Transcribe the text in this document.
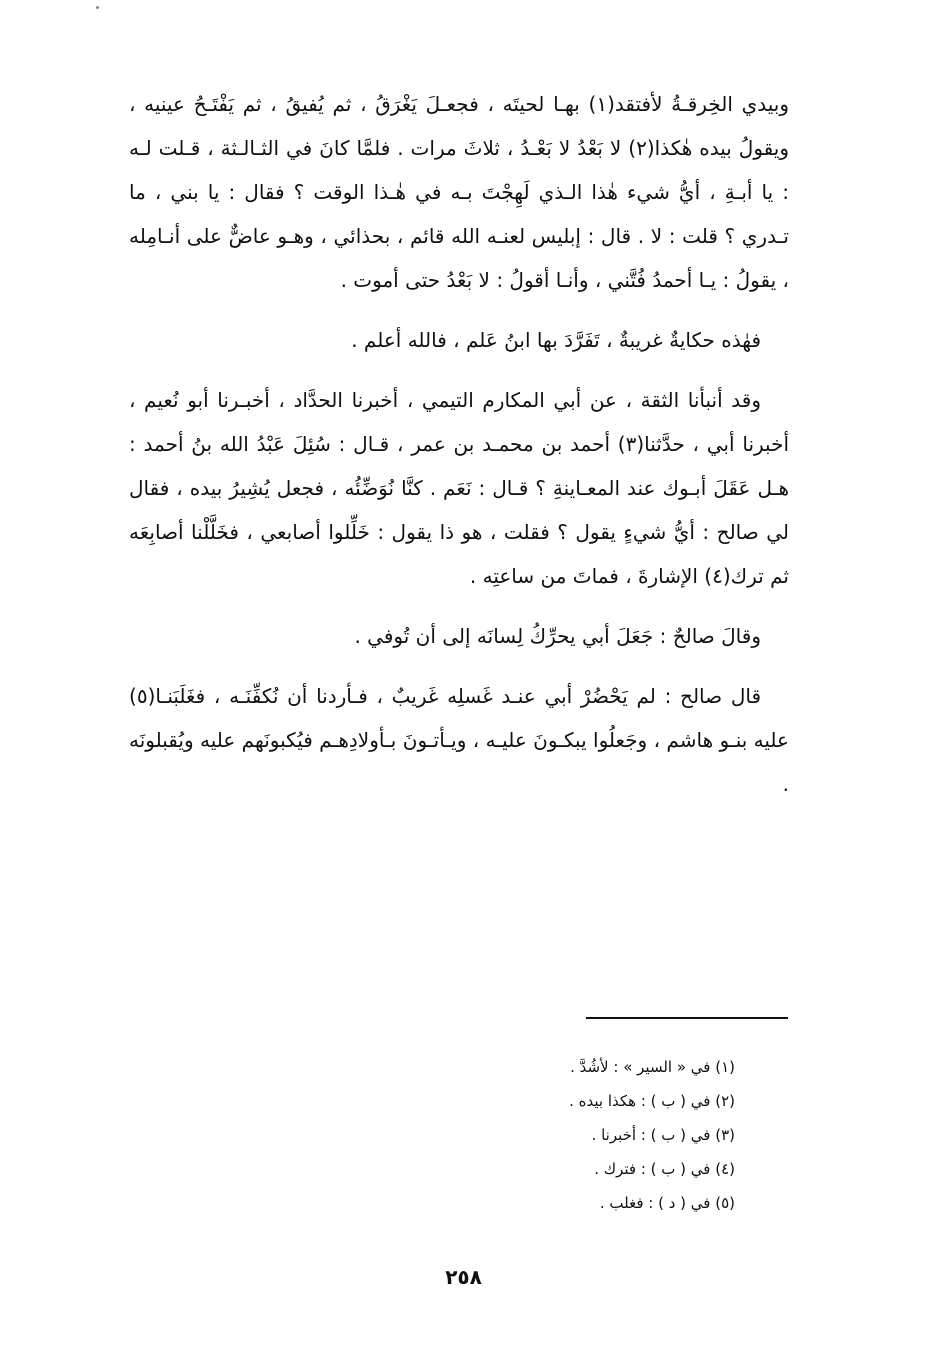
وبيدي الخِرقـةُ لأفتقد(١) بهـا لحيتَه ، فجعـلَ يَغْرَقُ ، ثم يُفيقُ ، ثم يَفْتَـحُ عينيه ، ويقولُ بيده هٰكذا(٢) لا بَعْدُ لا بَعْـدُ ، ثلاثَ مرات . فلمَّا كانَ في الثـالـثة ، قـلت لـه : يا أبـةِ ، أيُّ شيء هٰذا الـذي لَهِجْتَ بـه في هٰـذا الوقت ؟ فقال : يا بني ، ما تـدري ؟ قلت : لا . قال : إبليس لعنـه الله قائم ، بحذائي ، وهـو عاضٌّ على أنـامِله ، يقولُ : يـا أحمدُ فُتَّني ، وأنـا أقولُ : لا بَعْدُ حتى أموت .

فهٰذه حكايةٌ غريبةٌ ، تَفَرَّدَ بها ابنُ عَلم ، فالله أعلم .

وقد أنبأنا الثقة ، عن أبي المكارم التيمي ، أخبرنا الحدَّاد ، أخبـرنا أبو نُعيم ، أخبرنا أبي ، حدَّثنا(٣) أحمد بن محمـد بن عمر ، قـال : سُئِلَ عَبْدُ الله بنُ أحمد : هـل عَقَلَ أبـوك عند المعـاينةِ ؟ قـال : نَعَم . كنَّا نُوَضِّئُه ، فجعل يُشِيرُ بيده ، فقال لي صالح : أيُّ شيءٍ يقول ؟ فقلت ، هو ذا يقول : خَلِّلوا أصابعي ، فخَلَّلْنا أصابِعَه ثم ترك(٤) الإشارةَ ، فماتَ من ساعتِه .

وقالَ صالحٌ : جَعَلَ أبي يحرِّكُ لِسانَه إلى أن تُوفي .

قال صالح : لم يَحْضُرْ أبي عنـد غَسلِه غَريبٌ ، فـأردنا أن نُكفِّنَـه ، فغَلَبَنـا(٥) عليه بنـو هاشم ، وجَعلُوا يبكـونَ عليـه ، ويـأتـونَ بـأولادِهـم فيُكبونَهم عليه ويُقبلونَه .

(١) في « السير » : لأشُدَّ .
(٢) في ( ب ) : هكذا بيده .
(٣) في ( ب ) : أخبرنا .
(٤) في ( ب ) : فترك .
(٥) في ( د ) : فغلب .
٢٥٨
